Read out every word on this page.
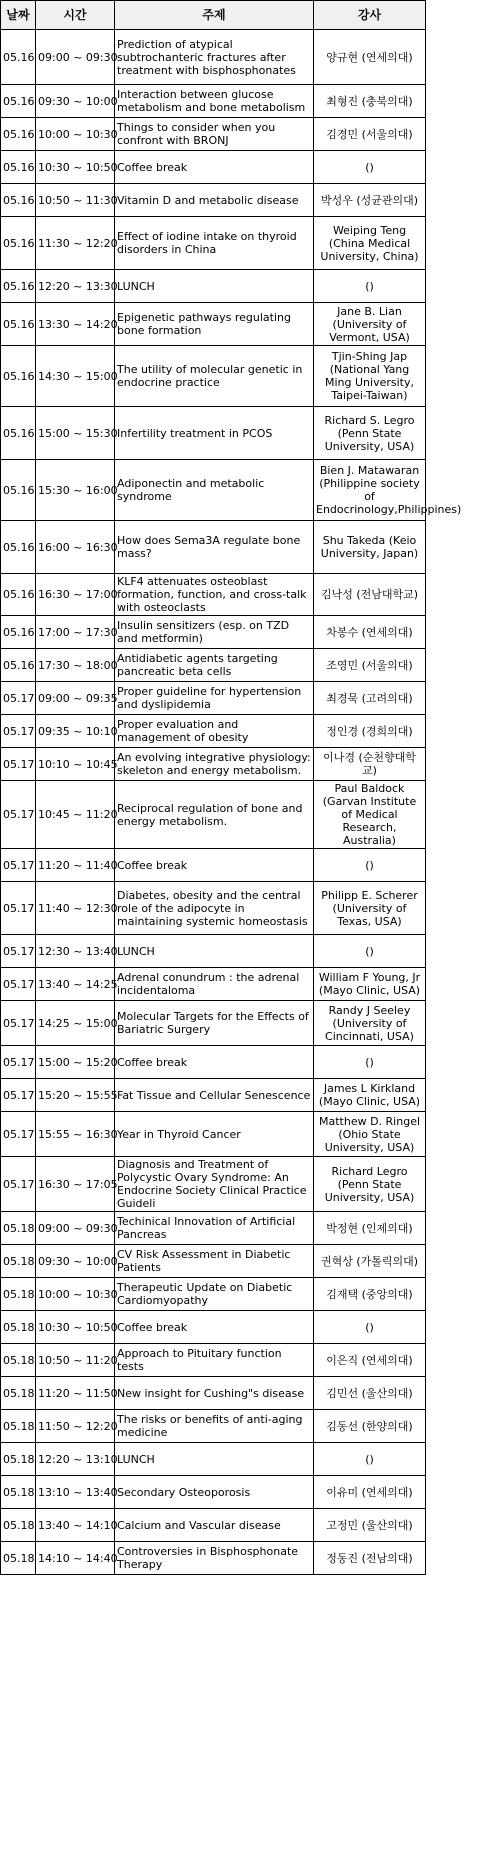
날짜	시간	주제	강사
05.16	09:00 ~ 09:30	Prediction of atypical subtrochanteric fractures after treatment with bisphosphonates	양규현 (연세의대)
05.16	09:30 ~ 10:00	Interaction between glucose metabolism and bone metabolism	최형진 (충북의대)
05.16	10:00 ~ 10:30	Things to consider when you confront with BRONJ	김경민 (서울의대)
05.16	10:30 ~ 10:50	Coffee break	()
05.16	10:50 ~ 11:30	Vitamin D and metabolic disease	박성우 (성균관의대)
05.16	11:30 ~ 12:20	Effect of iodine intake on thyroid disorders in China	Weiping Teng (China Medical University, China)
05.16	12:20 ~ 13:30	LUNCH	()
05.16	13:30 ~ 14:20	Epigenetic pathways regulating bone formation	Jane B. Lian (University of Vermont, USA)
05.16	14:30 ~ 15:00	The utility of molecular genetic in endocrine practice	Tjin-Shing Jap (National Yang Ming University, Taipei-Taiwan)
05.16	15:00 ~ 15:30	Infertility treatment in PCOS	Richard S. Legro (Penn State University, USA)
05.16	15:30 ~ 16:00	Adiponectin and metabolic syndrome	Bien J. Matawaran (Philippine society of Endocrinology,Philippines)
05.16	16:00 ~ 16:30	How does Sema3A regulate bone mass?	Shu Takeda (Keio University, Japan)
05.16	16:30 ~ 17:00	KLF4 attenuates osteoblast formation, function, and cross-talk with osteoclasts	김낙성 (전남대학교)
05.16	17:00 ~ 17:30	Insulin sensitizers (esp. on TZD and metformin)	차봉수 (연세의대)
05.16	17:30 ~ 18:00	Antidiabetic agents targeting pancreatic beta cells	조영민 (서울의대)
05.17	09:00 ~ 09:35	Proper guideline for hypertension and dyslipidemia	최경묵 (고려의대)
05.17	09:35 ~ 10:10	Proper evaluation and management of obesity	정인경 (경희의대)
05.17	10:10 ~ 10:45	An evolving integrative physiology: skeleton and energy metabolism.	이나경 (순천향대학교)
05.17	10:45 ~ 11:20	Reciprocal regulation of bone and energy metabolism.	Paul Baldock (Garvan Institute of Medical Research, Australia)
05.17	11:20 ~ 11:40	Coffee break	()
05.17	11:40 ~ 12:30	Diabetes, obesity and the central role of the adipocyte in maintaining systemic homeostasis	Philipp E. Scherer (University of Texas, USA)
05.17	12:30 ~ 13:40	LUNCH	()
05.17	13:40 ~ 14:25	Adrenal conundrum : the adrenal incidentaloma	William F Young, Jr (Mayo Clinic, USA)
05.17	14:25 ~ 15:00	Molecular Targets for the Effects of Bariatric Surgery	Randy J Seeley (University of Cincinnati, USA)
05.17	15:00 ~ 15:20	Coffee break	()
05.17	15:20 ~ 15:55	Fat Tissue and Cellular Senescence	James L Kirkland (Mayo Clinic, USA)
05.17	15:55 ~ 16:30	Year in Thyroid Cancer	Matthew D. Ringel (Ohio State University, USA)
05.17	16:30 ~ 17:05	Diagnosis and Treatment of Polycystic Ovary Syndrome: An Endocrine Society Clinical Practice Guideli	Richard Legro (Penn State University, USA)
05.18	09:00 ~ 09:30	Techinical Innovation of Artificial Pancreas	박정현 (인제의대)
05.18	09:30 ~ 10:00	CV Risk Assessment in Diabetic Patients	권혁상 (가톨릭의대)
05.18	10:00 ~ 10:30	Therapeutic Update on Diabetic Cardiomyopathy	김재택 (중앙의대)
05.18	10:30 ~ 10:50	Coffee break	()
05.18	10:50 ~ 11:20	Approach to Pituitary function tests	이은직 (연세의대)
05.18	11:20 ~ 11:50	New insight for Cushing"s disease	김민선 (울산의대)
05.18	11:50 ~ 12:20	The risks or benefits of anti-aging medicine	김동선 (한양의대)
05.18	12:20 ~ 13:10	LUNCH	()
05.18	13:10 ~ 13:40	Secondary Osteoporosis	이유미 (연세의대)
05.18	13:40 ~ 14:10	Calcium and Vascular disease	고정민 (울산의대)
05.18	14:10 ~ 14:40	Controversies in Bisphosphonate Therapy	정동진 (전남의대)
